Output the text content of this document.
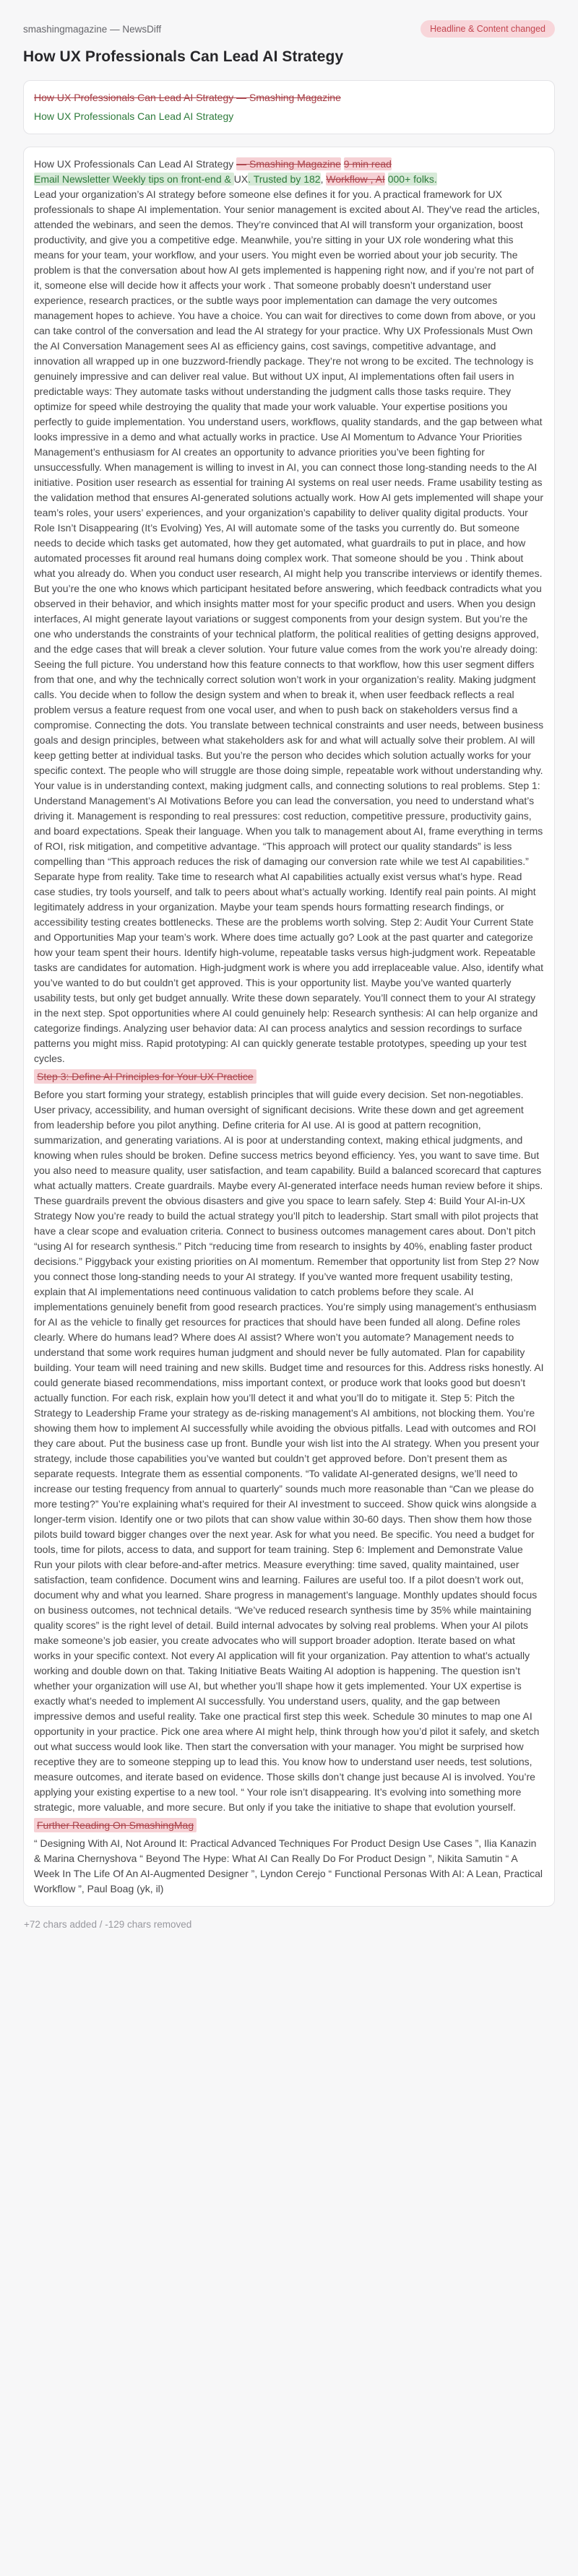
smashingmagazine — NewsDiff	Headline & Content changed
How UX Professionals Can Lead AI Strategy
How UX Professionals Can Lead AI Strategy — Smashing Magazine
How UX Professionals Can Lead AI Strategy
How UX Professionals Can Lead AI Strategy — Smashing Magazine 9 min read
Email Newsletter Weekly tips on front-end & UX. Trusted by 182, Workflow , AI 000+ folks.
Lead your organization’s AI strategy before someone else defines it for you. A practical framework for UX professionals to shape AI implementation. Your senior management is excited about AI. They’ve read the articles, attended the webinars, and seen the demos. They’re convinced that AI will transform your organization, boost productivity, and give you a competitive edge. Meanwhile, you’re sitting in your UX role wondering what this means for your team, your workflow, and your users. You might even be worried about your job security. The problem is that the conversation about how AI gets implemented is happening right now, and if you’re not part of it, someone else will decide how it affects your work . That someone probably doesn’t understand user experience, research practices, or the subtle ways poor implementation can damage the very outcomes management hopes to achieve. You have a choice. You can wait for directives to come down from above, or you can take control of the conversation and lead the AI strategy for your practice. Why UX Professionals Must Own the AI Conversation Management sees AI as efficiency gains, cost savings, competitive advantage, and innovation all wrapped up in one buzzword-friendly package. They’re not wrong to be excited. The technology is genuinely impressive and can deliver real value. But without UX input, AI implementations often fail users in predictable ways: They automate tasks without understanding the judgment calls those tasks require. They optimize for speed while destroying the quality that made your work valuable. Your expertise positions you perfectly to guide implementation. You understand users, workflows, quality standards, and the gap between what looks impressive in a demo and what actually works in practice. Use AI Momentum to Advance Your Priorities Management’s enthusiasm for AI creates an opportunity to advance priorities you’ve been fighting for unsuccessfully. When management is willing to invest in AI, you can connect those long-standing needs to the AI initiative. Position user research as essential for training AI systems on real user needs. Frame usability testing as the validation method that ensures AI-generated solutions actually work. How AI gets implemented will shape your team’s roles, your users’ experiences, and your organization’s capability to deliver quality digital products. Your Role Isn’t Disappearing (It’s Evolving) Yes, AI will automate some of the tasks you currently do. But someone needs to decide which tasks get automated, how they get automated, what guardrails to put in place, and how automated processes fit around real humans doing complex work. That someone should be you . Think about what you already do. When you conduct user research, AI might help you transcribe interviews or identify themes. But you’re the one who knows which participant hesitated before answering, which feedback contradicts what you observed in their behavior, and which insights matter most for your specific product and users. When you design interfaces, AI might generate layout variations or suggest components from your design system. But you’re the one who understands the constraints of your technical platform, the political realities of getting designs approved, and the edge cases that will break a clever solution. Your future value comes from the work you’re already doing: Seeing the full picture. You understand how this feature connects to that workflow, how this user segment differs from that one, and why the technically correct solution won’t work in your organization’s reality. Making judgment calls. You decide when to follow the design system and when to break it, when user feedback reflects a real problem versus a feature request from one vocal user, and when to push back on stakeholders versus find a compromise. Connecting the dots. You translate between technical constraints and user needs, between business goals and design principles, between what stakeholders ask for and what will actually solve their problem. AI will keep getting better at individual tasks. But you’re the person who decides which solution actually works for your specific context. The people who will struggle are those doing simple, repeatable work without understanding why. Your value is in understanding context, making judgment calls, and connecting solutions to real problems. Step 1: Understand Management’s AI Motivations Before you can lead the conversation, you need to understand what’s driving it. Management is responding to real pressures: cost reduction, competitive pressure, productivity gains, and board expectations. Speak their language. When you talk to management about AI, frame everything in terms of ROI, risk mitigation, and competitive advantage. “This approach will protect our quality standards” is less compelling than “This approach reduces the risk of damaging our conversion rate while we test AI capabilities.” Separate hype from reality. Take time to research what AI capabilities actually exist versus what’s hype. Read case studies, try tools yourself, and talk to peers about what’s actually working. Identify real pain points. AI might legitimately address in your organization. Maybe your team spends hours formatting research findings, or accessibility testing creates bottlenecks. These are the problems worth solving. Step 2: Audit Your Current State and Opportunities Map your team’s work. Where does time actually go? Look at the past quarter and categorize how your team spent their hours. Identify high-volume, repeatable tasks versus high-judgment work. Repeatable tasks are candidates for automation. High-judgment work is where you add irreplaceable value. Also, identify what you’ve wanted to do but couldn’t get approved. This is your opportunity list. Maybe you’ve wanted quarterly usability tests, but only get budget annually. Write these down separately. You’ll connect them to your AI strategy in the next step. Spot opportunities where AI could genuinely help: Research synthesis: AI can help organize and categorize findings. Analyzing user behavior data: AI can process analytics and session recordings to surface patterns you might miss. Rapid prototyping: AI can quickly generate testable prototypes, speeding up your test cycles.
Step 3: Define AI Principles for Your UX Practice
Before you start forming your strategy, establish principles that will guide every decision. Set non-negotiables. User privacy, accessibility, and human oversight of significant decisions. Write these down and get agreement from leadership before you pilot anything. Define criteria for AI use. AI is good at pattern recognition, summarization, and generating variations. AI is poor at understanding context, making ethical judgments, and knowing when rules should be broken. Define success metrics beyond efficiency. Yes, you want to save time. But you also need to measure quality, user satisfaction, and team capability. Build a balanced scorecard that captures what actually matters. Create guardrails. Maybe every AI-generated interface needs human review before it ships. These guardrails prevent the obvious disasters and give you space to learn safely. Step 4: Build Your AI-in-UX Strategy Now you’re ready to build the actual strategy you’ll pitch to leadership. Start small with pilot projects that have a clear scope and evaluation criteria. Connect to business outcomes management cares about. Don’t pitch “using AI for research synthesis.” Pitch “reducing time from research to insights by 40%, enabling faster product decisions.” Piggyback your existing priorities on AI momentum. Remember that opportunity list from Step 2? Now you connect those long-standing needs to your AI strategy. If you’ve wanted more frequent usability testing, explain that AI implementations need continuous validation to catch problems before they scale. AI implementations genuinely benefit from good research practices. You’re simply using management’s enthusiasm for AI as the vehicle to finally get resources for practices that should have been funded all along. Define roles clearly. Where do humans lead? Where does AI assist? Where won’t you automate? Management needs to understand that some work requires human judgment and should never be fully automated. Plan for capability building. Your team will need training and new skills. Budget time and resources for this. Address risks honestly. AI could generate biased recommendations, miss important context, or produce work that looks good but doesn’t actually function. For each risk, explain how you’ll detect it and what you’ll do to mitigate it. Step 5: Pitch the Strategy to Leadership Frame your strategy as de-risking management’s AI ambitions, not blocking them. You’re showing them how to implement AI successfully while avoiding the obvious pitfalls. Lead with outcomes and ROI they care about. Put the business case up front. Bundle your wish list into the AI strategy. When you present your strategy, include those capabilities you’ve wanted but couldn’t get approved before. Don’t present them as separate requests. Integrate them as essential components. “To validate AI-generated designs, we’ll need to increase our testing frequency from annual to quarterly” sounds much more reasonable than “Can we please do more testing?” You’re explaining what’s required for their AI investment to succeed. Show quick wins alongside a longer-term vision. Identify one or two pilots that can show value within 30-60 days. Then show them how those pilots build toward bigger changes over the next year. Ask for what you need. Be specific. You need a budget for tools, time for pilots, access to data, and support for team training. Step 6: Implement and Demonstrate Value Run your pilots with clear before-and-after metrics. Measure everything: time saved, quality maintained, user satisfaction, team confidence. Document wins and learning. Failures are useful too. If a pilot doesn’t work out, document why and what you learned. Share progress in management’s language. Monthly updates should focus on business outcomes, not technical details. “We’ve reduced research synthesis time by 35% while maintaining quality scores” is the right level of detail. Build internal advocates by solving real problems. When your AI pilots make someone’s job easier, you create advocates who will support broader adoption. Iterate based on what works in your specific context. Not every AI application will fit your organization. Pay attention to what’s actually working and double down on that. Taking Initiative Beats Waiting AI adoption is happening. The question isn’t whether your organization will use AI, but whether you’ll shape how it gets implemented. Your UX expertise is exactly what’s needed to implement AI successfully. You understand users, quality, and the gap between impressive demos and useful reality. Take one practical first step this week. Schedule 30 minutes to map one AI opportunity in your practice. Pick one area where AI might help, think through how you’d pilot it safely, and sketch out what success would look like. Then start the conversation with your manager. You might be surprised how receptive they are to someone stepping up to lead this. You know how to understand user needs, test solutions, measure outcomes, and iterate based on evidence. Those skills don’t change just because AI is involved. You’re applying your existing expertise to a new tool. “ Your role isn’t disappearing. It’s evolving into something more strategic, more valuable, and more secure. But only if you take the initiative to shape that evolution yourself.
Further Reading On SmashingMag
“ Designing With AI, Not Around It: Practical Advanced Techniques For Product Design Use Cases ”, Ilia Kanazin & Marina Chernyshova “ Beyond The Hype: What AI Can Really Do For Product Design ”, Nikita Samutin “ A Week In The Life Of An AI-Augmented Designer ”, Lyndon Cerejo “ Functional Personas With AI: A Lean, Practical Workflow ”, Paul Boag (yk, il)

+72 chars added / -129 chars removed
